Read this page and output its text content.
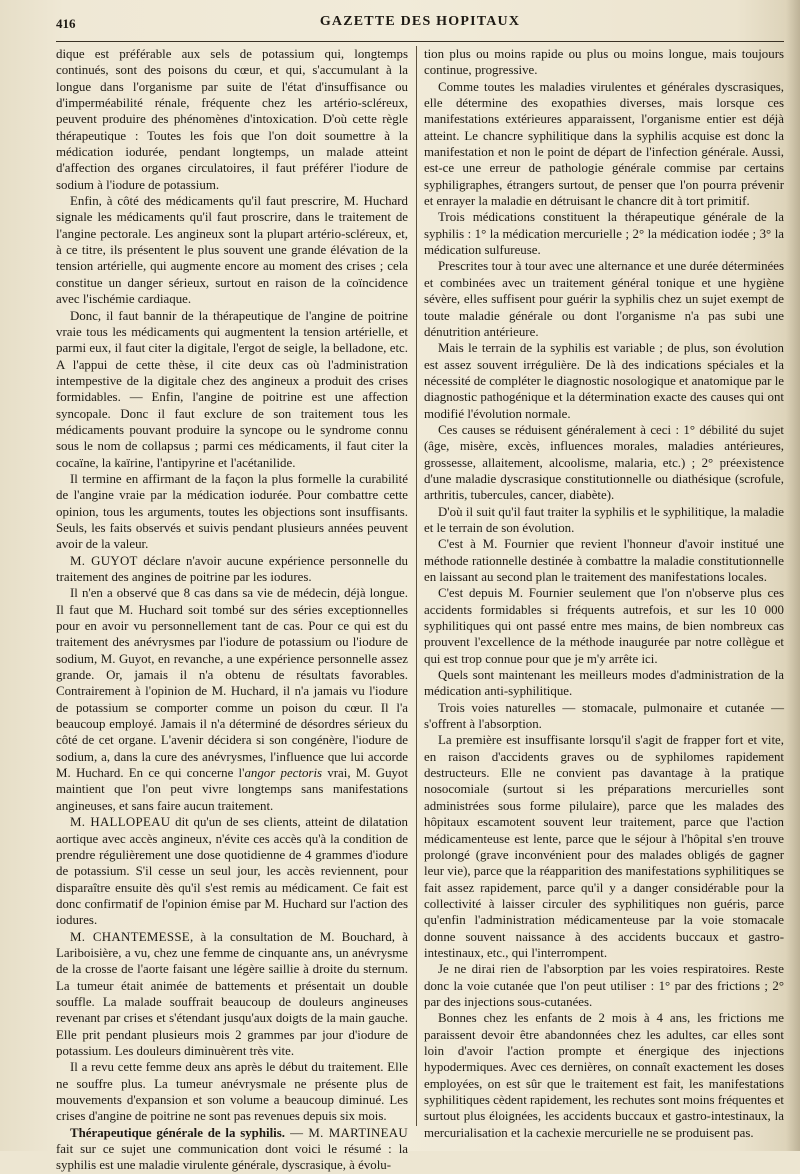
416	GAZETTE DES HOPITAUX

dique est préférable aux sels de potassium qui, longtemps continués, sont des poisons du cœur, et qui, s'accumulant à la longue dans l'organisme par suite de l'état d'insuffisance ou d'imperméabilité rénale, fréquente chez les artério-scléreux, peuvent produire des phénomènes d'intoxication. D'où cette règle thérapeutique : Toutes les fois que l'on doit soumettre à la médication iodurée, pendant longtemps, un malade atteint d'affection des organes circulatoires, il faut préférer l'iodure de sodium à l'iodure de potassium.

Enfin, à côté des médicaments qu'il faut prescrire, M. Huchard signale les médicaments qu'il faut proscrire, dans le traitement de l'angine pectorale. Les angineux sont la plupart artério-scléreux, et, à ce titre, ils présentent le plus souvent une grande élévation de la tension artérielle, qui augmente encore au moment des crises ; cela constitue un danger sérieux, surtout en raison de la coïncidence avec l'ischémie cardiaque.

Donc, il faut bannir de la thérapeutique de l'angine de poitrine vraie tous les médicaments qui augmentent la tension artérielle, et parmi eux, il faut citer la digitale, l'ergot de seigle, la belladone, etc. A l'appui de cette thèse, il cite deux cas où l'administration intempestive de la digitale chez des angineux a produit des crises formidables. — Enfin, l'angine de poitrine est une affection syncopale. Donc il faut exclure de son traitement tous les médicaments pouvant produire la syncope ou le syndrome connu sous le nom de collapsus ; parmi ces médicaments, il faut citer la cocaïne, la kaïrine, l'antipyrine et l'acétanilide.

Il termine en affirmant de la façon la plus formelle la curabilité de l'angine vraie par la médication iodurée. Pour combattre cette opinion, tous les arguments, toutes les objections sont insuffisants. Seuls, les faits observés et suivis pendant plusieurs années peuvent avoir de la valeur.

M. GUYOT déclare n'avoir aucune expérience personnelle du traitement des angines de poitrine par les iodures.

Il n'en a observé que 8 cas dans sa vie de médecin, déjà longue. Il faut que M. Huchard soit tombé sur des séries exceptionnelles pour en avoir vu personnellement tant de cas. Pour ce qui est du traitement des anévrysmes par l'iodure de potassium ou l'iodure de sodium, M. Guyot, en revanche, a une expérience personnelle assez grande. Or, jamais il n'a obtenu de résultats favorables. Contrairement à l'opinion de M. Huchard, il n'a jamais vu l'iodure de potassium se comporter comme un poison du cœur. Il l'a beaucoup employé. Jamais il n'a déterminé de désordres sérieux du côté de cet organe. L'avenir décidera si son congénère, l'iodure de sodium, a, dans la cure des anévrysmes, l'influence que lui accorde M. Huchard. En ce qui concerne l'angor pectoris vrai, M. Guyot maintient que l'on peut vivre longtemps sans manifestations angineuses, et sans faire aucun traitement.

M. HALLOPEAU dit qu'un de ses clients, atteint de dilatation aortique avec accès angineux, n'évite ces accès qu'à la condition de prendre régulièrement une dose quotidienne de 4 grammes d'iodure de potassium. S'il cesse un seul jour, les accès reviennent, pour disparaître ensuite dès qu'il s'est remis au médicament. Ce fait est donc confirmatif de l'opinion émise par M. Huchard sur l'action des iodures.

M. CHANTEMESSE, à la consultation de M. Bouchard, à Lariboisière, a vu, chez une femme de cinquante ans, un anévrysme de la crosse de l'aorte faisant une légère saillie à droite du sternum. La tumeur était animée de battements et présentait un double souffle. La malade souffrait beaucoup de douleurs angineuses revenant par crises et s'étendant jusqu'aux doigts de la main gauche. Elle prit pendant plusieurs mois 2 grammes par jour d'iodure de potassium. Les douleurs diminuèrent très vite.

Il a revu cette femme deux ans après le début du traitement. Elle ne souffre plus. La tumeur anévrysmale ne présente plus de mouvements d'expansion et son volume a beaucoup diminué. Les crises d'angine de poitrine ne sont pas revenues depuis six mois.

Thérapeutique générale de la syphilis. — M. MARTINEAU fait sur ce sujet une communication dont voici le résumé : la syphilis est une maladie virulente générale, dyscrasique, à évolu-

tion plus ou moins rapide ou plus ou moins longue, mais toujours continue, progressive.

Comme toutes les maladies virulentes et générales dyscrasiques, elle détermine des exopathies diverses, mais lorsque ces manifestations extérieures apparaissent, l'organisme entier est déjà atteint. Le chancre syphilitique dans la syphilis acquise est donc la manifestation et non le point de départ de l'infection générale. Aussi, est-ce une erreur de pathologie générale commise par certains syphiligraphes, étrangers surtout, de penser que l'on pourra prévenir et enrayer la maladie en détruisant le chancre dit à tort primitif.

Trois médications constituent la thérapeutique générale de la syphilis : 1° la médication mercurielle ; 2° la médication iodée ; 3° la médication sulfureuse.

Prescrites tour à tour avec une alternance et une durée déterminées et combinées avec un traitement général tonique et une hygiène sévère, elles suffisent pour guérir la syphilis chez un sujet exempt de toute maladie générale ou dont l'organisme n'a pas subi une dénutrition antérieure.

Mais le terrain de la syphilis est variable ; de plus, son évolution est assez souvent irrégulière. De là des indications spéciales et la nécessité de compléter le diagnostic nosologique et anatomique par le diagnostic pathogénique et la détermination exacte des causes qui ont modifié l'évolution normale.

Ces causes se réduisent généralement à ceci : 1° débilité du sujet (âge, misère, excès, influences morales, maladies antérieures, grossesse, allaitement, alcoolisme, malaria, etc.) ; 2° préexistence d'une maladie dyscrasique constitutionnelle ou diathésique (scrofule, arthritis, tubercules, cancer, diabète).

D'où il suit qu'il faut traiter la syphilis et le syphilitique, la maladie et le terrain de son évolution.

C'est à M. Fournier que revient l'honneur d'avoir institué une méthode rationnelle destinée à combattre la maladie constitutionnelle en laissant au second plan le traitement des manifestations locales.

C'est depuis M. Fournier seulement que l'on n'observe plus ces accidents formidables si fréquents autrefois, et sur les 10 000 syphilitiques qui ont passé entre mes mains, de bien nombreux cas prouvent l'excellence de la méthode inaugurée par notre collègue et qui est trop connue pour que je m'y arrête ici.

Quels sont maintenant les meilleurs modes d'administration de la médication anti-syphilitique.

Trois voies naturelles — stomacale, pulmonaire et cutanée — s'offrent à l'absorption.

La première est insuffisante lorsqu'il s'agit de frapper fort et vite, en raison d'accidents graves ou de syphilomes rapidement destructeurs. Elle ne convient pas davantage à la pratique nosocomiale (surtout si les préparations mercurielles sont administrées sous forme pilulaire), parce que les malades des hôpitaux escamotent souvent leur traitement, parce que l'action médicamenteuse est lente, parce que le séjour à l'hôpital s'en trouve prolongé (grave inconvénient pour des malades obligés de gagner leur vie), parce que la réapparition des manifestations syphilitiques se fait assez rapidement, parce qu'il y a danger considérable pour la collectivité à laisser circuler des syphilitiques non guéris, parce qu'enfin l'administration médicamenteuse par la voie stomacale donne souvent naissance à des accidents buccaux et gastro-intestinaux, etc., qui l'interrompent.

Je ne dirai rien de l'absorption par les voies respiratoires. Reste donc la voie cutanée que l'on peut utiliser : 1° par des frictions ; 2° par des injections sous-cutanées.

Bonnes chez les enfants de 2 mois à 4 ans, les frictions me paraissent devoir être abandonnées chez les adultes, car elles sont loin d'avoir l'action prompte et énergique des injections hypodermiques. Avec ces dernières, on connaît exactement les doses employées, on est sûr que le traitement est fait, les manifestations syphilitiques cèdent rapidement, les rechutes sont moins fréquentes et surtout plus éloignées, les accidents buccaux et gastro-intestinaux, la mercurialisation et la cachexie mercurielle ne se produisent pas.
